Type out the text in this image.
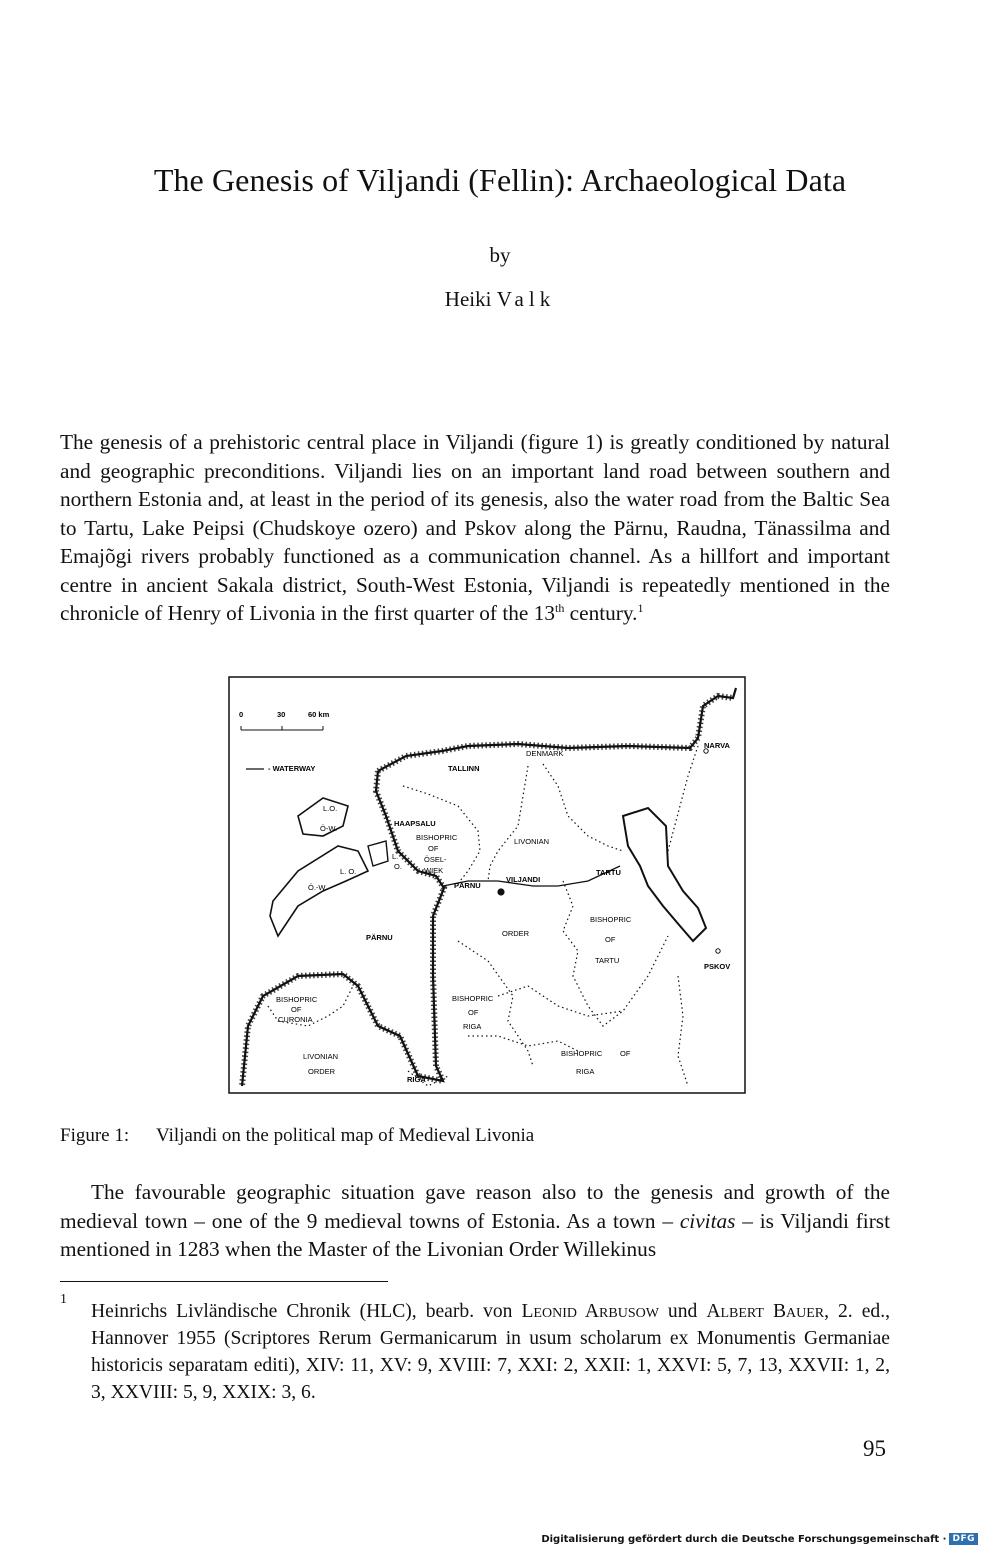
The Genesis of Viljandi (Fellin): Archaeological Data
by
Heiki Valk

The genesis of a prehistoric central place in Viljandi (figure 1) is greatly conditioned by natural and geographic preconditions. Viljandi lies on an important land road between southern and northern Estonia and, at least in the period of its genesis, also the water road from the Baltic Sea to Tartu, Lake Peipsi (Chudskoye ozero) and Pskov along the Pärnu, Raudna, Tänassilma and Emajõgi rivers probably functioned as a communication channel. As a hillfort and important centre in ancient Sakala district, South-West Estonia, Viljandi is repeatedly mentioned in the chronicle of Henry of Livonia in the first quarter of the 13th century.$^1$

0	30	60 km
- WATERWAY
NARVA
TALLINN
DENMARK
HAAPSALU
BISHOPRIC
OF
ÖSEL-
WIEK
LIVONIAN
L.O.
Ö-W.
L. O.
L.
O.
Ö.-W.	PÄRNU
VILJANDI
TARTU
BISHOPRIC
OF
TARTU
ORDER
PÄRNU
PSKOV
BISHOPRIC
OF
CURONIA
BISHOPRIC
OF
RIGA
LIVONIAN
ORDER
RIGA
BISHOPRIC OF
RIGA
Figure 1: Viljandi on the political map of Medieval Livonia

The favourable geographic situation gave reason also to the genesis and growth of the medieval town – one of the 9 medieval towns of Estonia. As a town – civitas – is Viljandi first mentioned in 1283 when the Master of the Livonian Order Willekinus

1

Heinrichs Livländische Chronik (HLC), bearb. von Leonid Arbusow und Albert Bauer, 2. ed., Hannover 1955 (Scriptores Rerum Germanicarum in usum scholarum ex Monumentis Germaniae historicis separatam editi), XIV: 11, XV: 9, XVIII: 7, XXI: 2, XXII: 1, XXVI: 5, 7, 13, XXVII: 1, 2, 3, XXVIII: 5, 9, XXIX: 3, 6.

95
Digitalisierung gefördert durch die Deutsche Forschungsgemeinschaft · DFG
